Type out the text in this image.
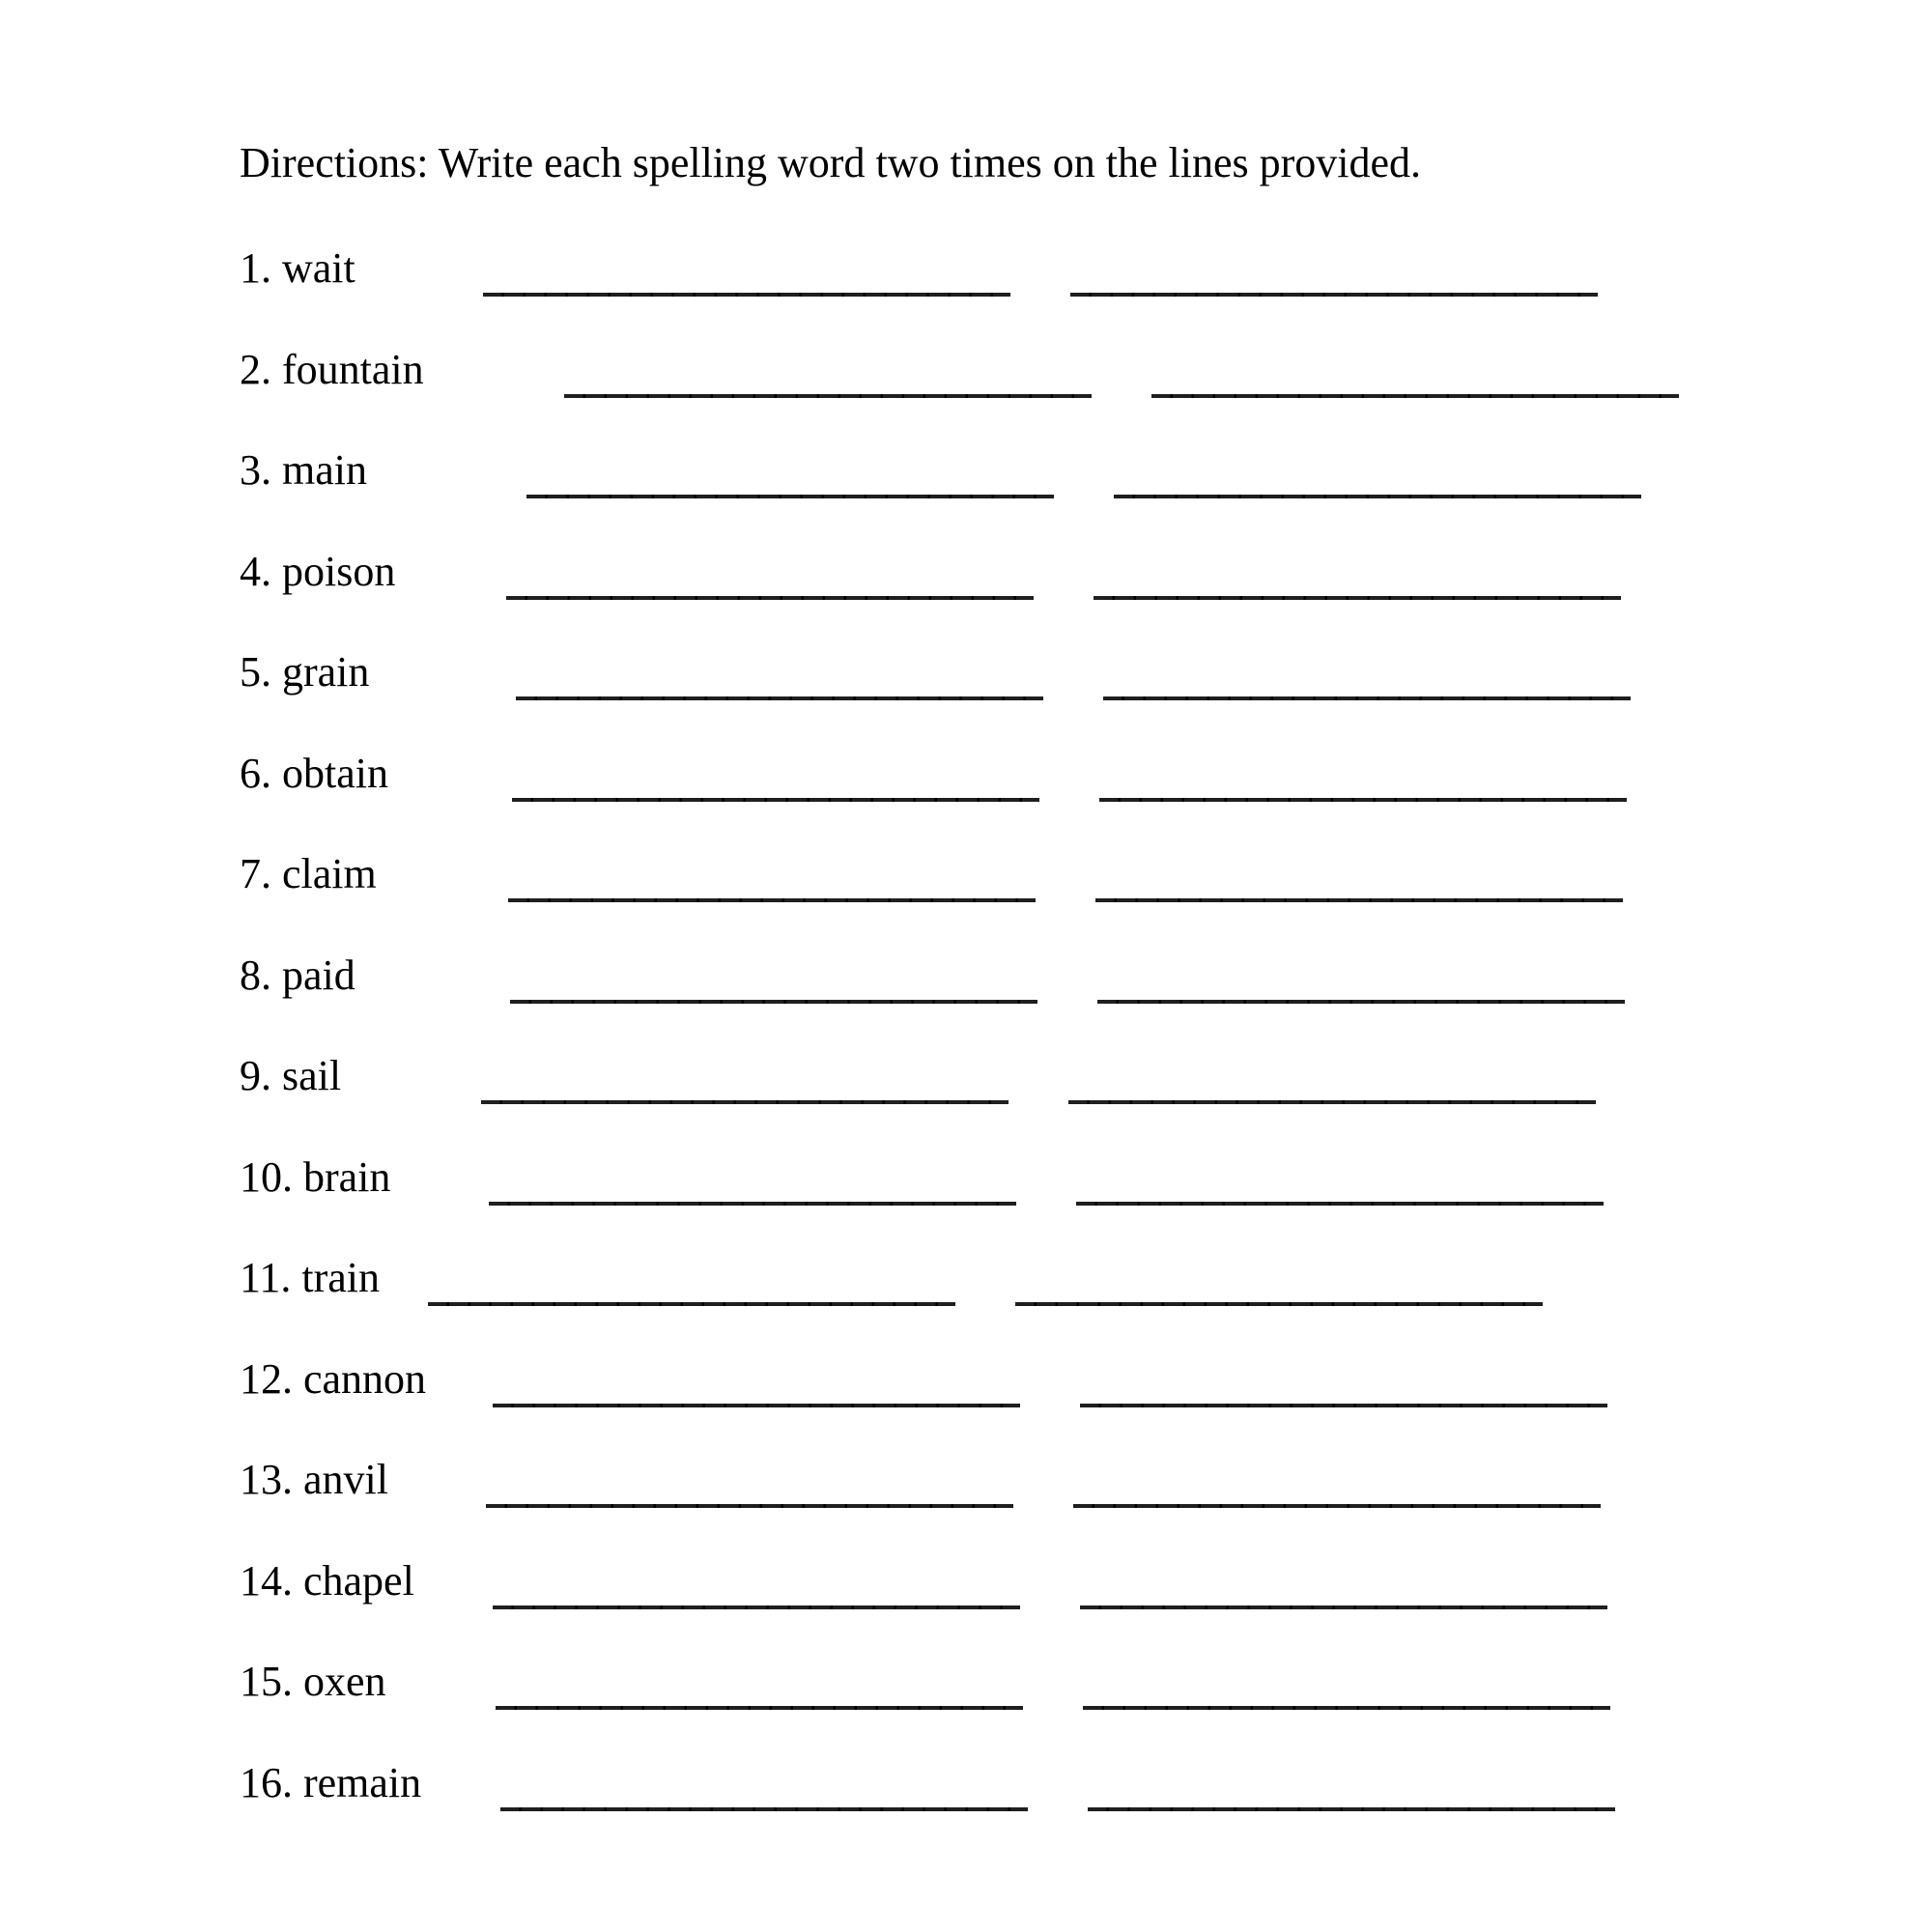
Directions: Write each spelling word two times on the lines provided.
1. wait
2. fountain
3. main
4. poison
5. grain
6. obtain
7. claim
8. paid
9. sail
10. brain
11. train
12. cannon
13. anvil
14. chapel
15. oxen
16. remain
